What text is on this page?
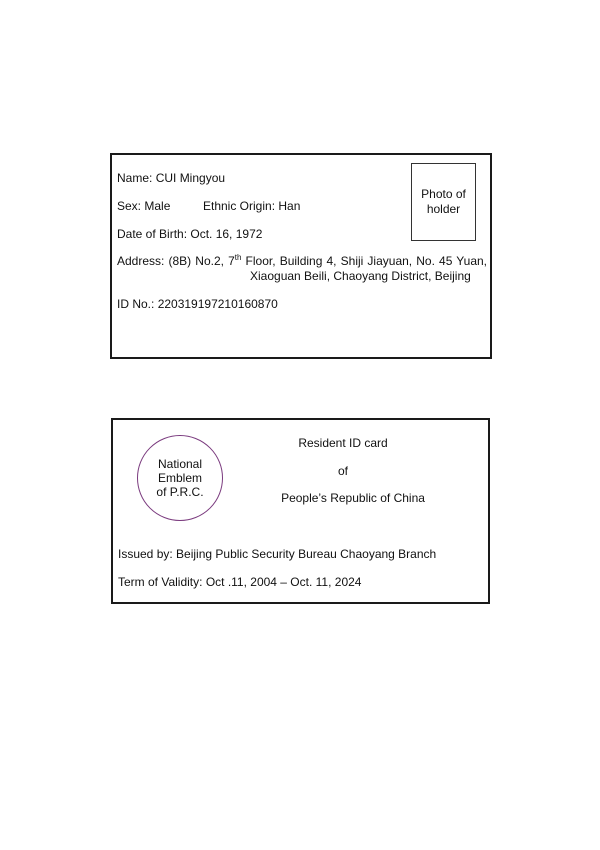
Name: CUI Mingyou
Sex: Male	Ethnic Origin: Han
Date of Birth: Oct. 16, 1972
Address: (8B) No.2, 7th Floor, Building 4, Shiji Jiayuan, No. 45 Yuan,
Xiaoguan Beili, Chaoyang District, Beijing
ID No.: 220319197210160870
Photo of
holder
National
Emblem
of P.R.C.
Resident ID card
of
People’s Republic of China
Issued by: Beijing Public Security Bureau Chaoyang Branch
Term of Validity: Oct .11, 2004 – Oct. 11, 2024
